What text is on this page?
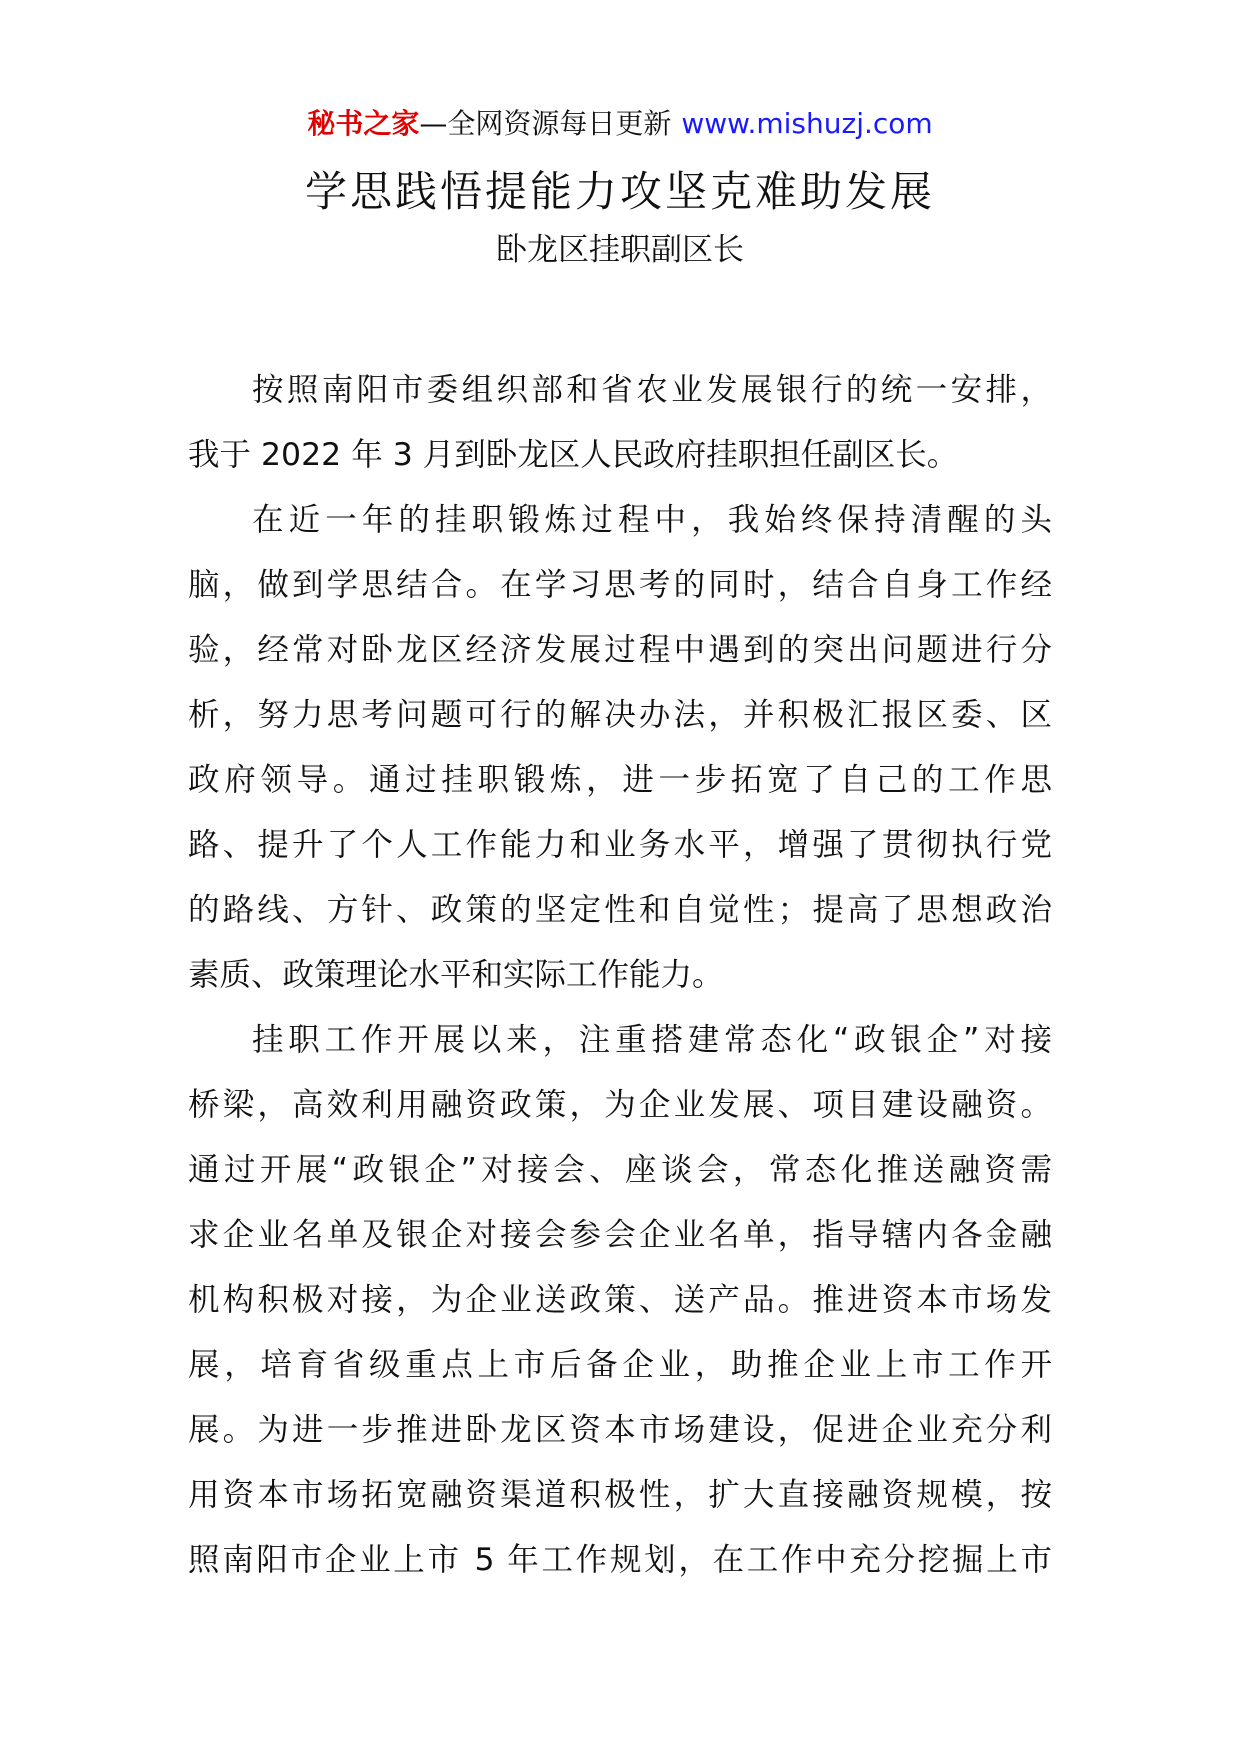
秘书之家—全网资源每日更新 www.mishuzj.com
学思践悟提能力攻坚克难助发展
卧龙区挂职副区长
按照南阳市委组织部和省农业发展银行的统一安排，
我于 2022 年 3 月到卧龙区人民政府挂职担任副区长。
在近一年的挂职锻炼过程中，我始终保持清醒的头
脑，做到学思结合。在学习思考的同时，结合自身工作经
验，经常对卧龙区经济发展过程中遇到的突出问题进行分
析，努力思考问题可行的解决办法，并积极汇报区委、区
政府领导。通过挂职锻炼，进一步拓宽了自己的工作思
路、提升了个人工作能力和业务水平，增强了贯彻执行党
的路线、方针、政策的坚定性和自觉性；提高了思想政治
素质、政策理论水平和实际工作能力。
挂职工作开展以来，注重搭建常态化“政银企”对接
桥梁，高效利用融资政策，为企业发展、项目建设融资。
通过开展“政银企”对接会、座谈会，常态化推送融资需
求企业名单及银企对接会参会企业名单，指导辖内各金融
机构积极对接，为企业送政策、送产品。推进资本市场发
展，培育省级重点上市后备企业，助推企业上市工作开
展。为进一步推进卧龙区资本市场建设，促进企业充分利
用资本市场拓宽融资渠道积极性，扩大直接融资规模，按
照南阳市企业上市 5 年工作规划，在工作中充分挖掘上市
